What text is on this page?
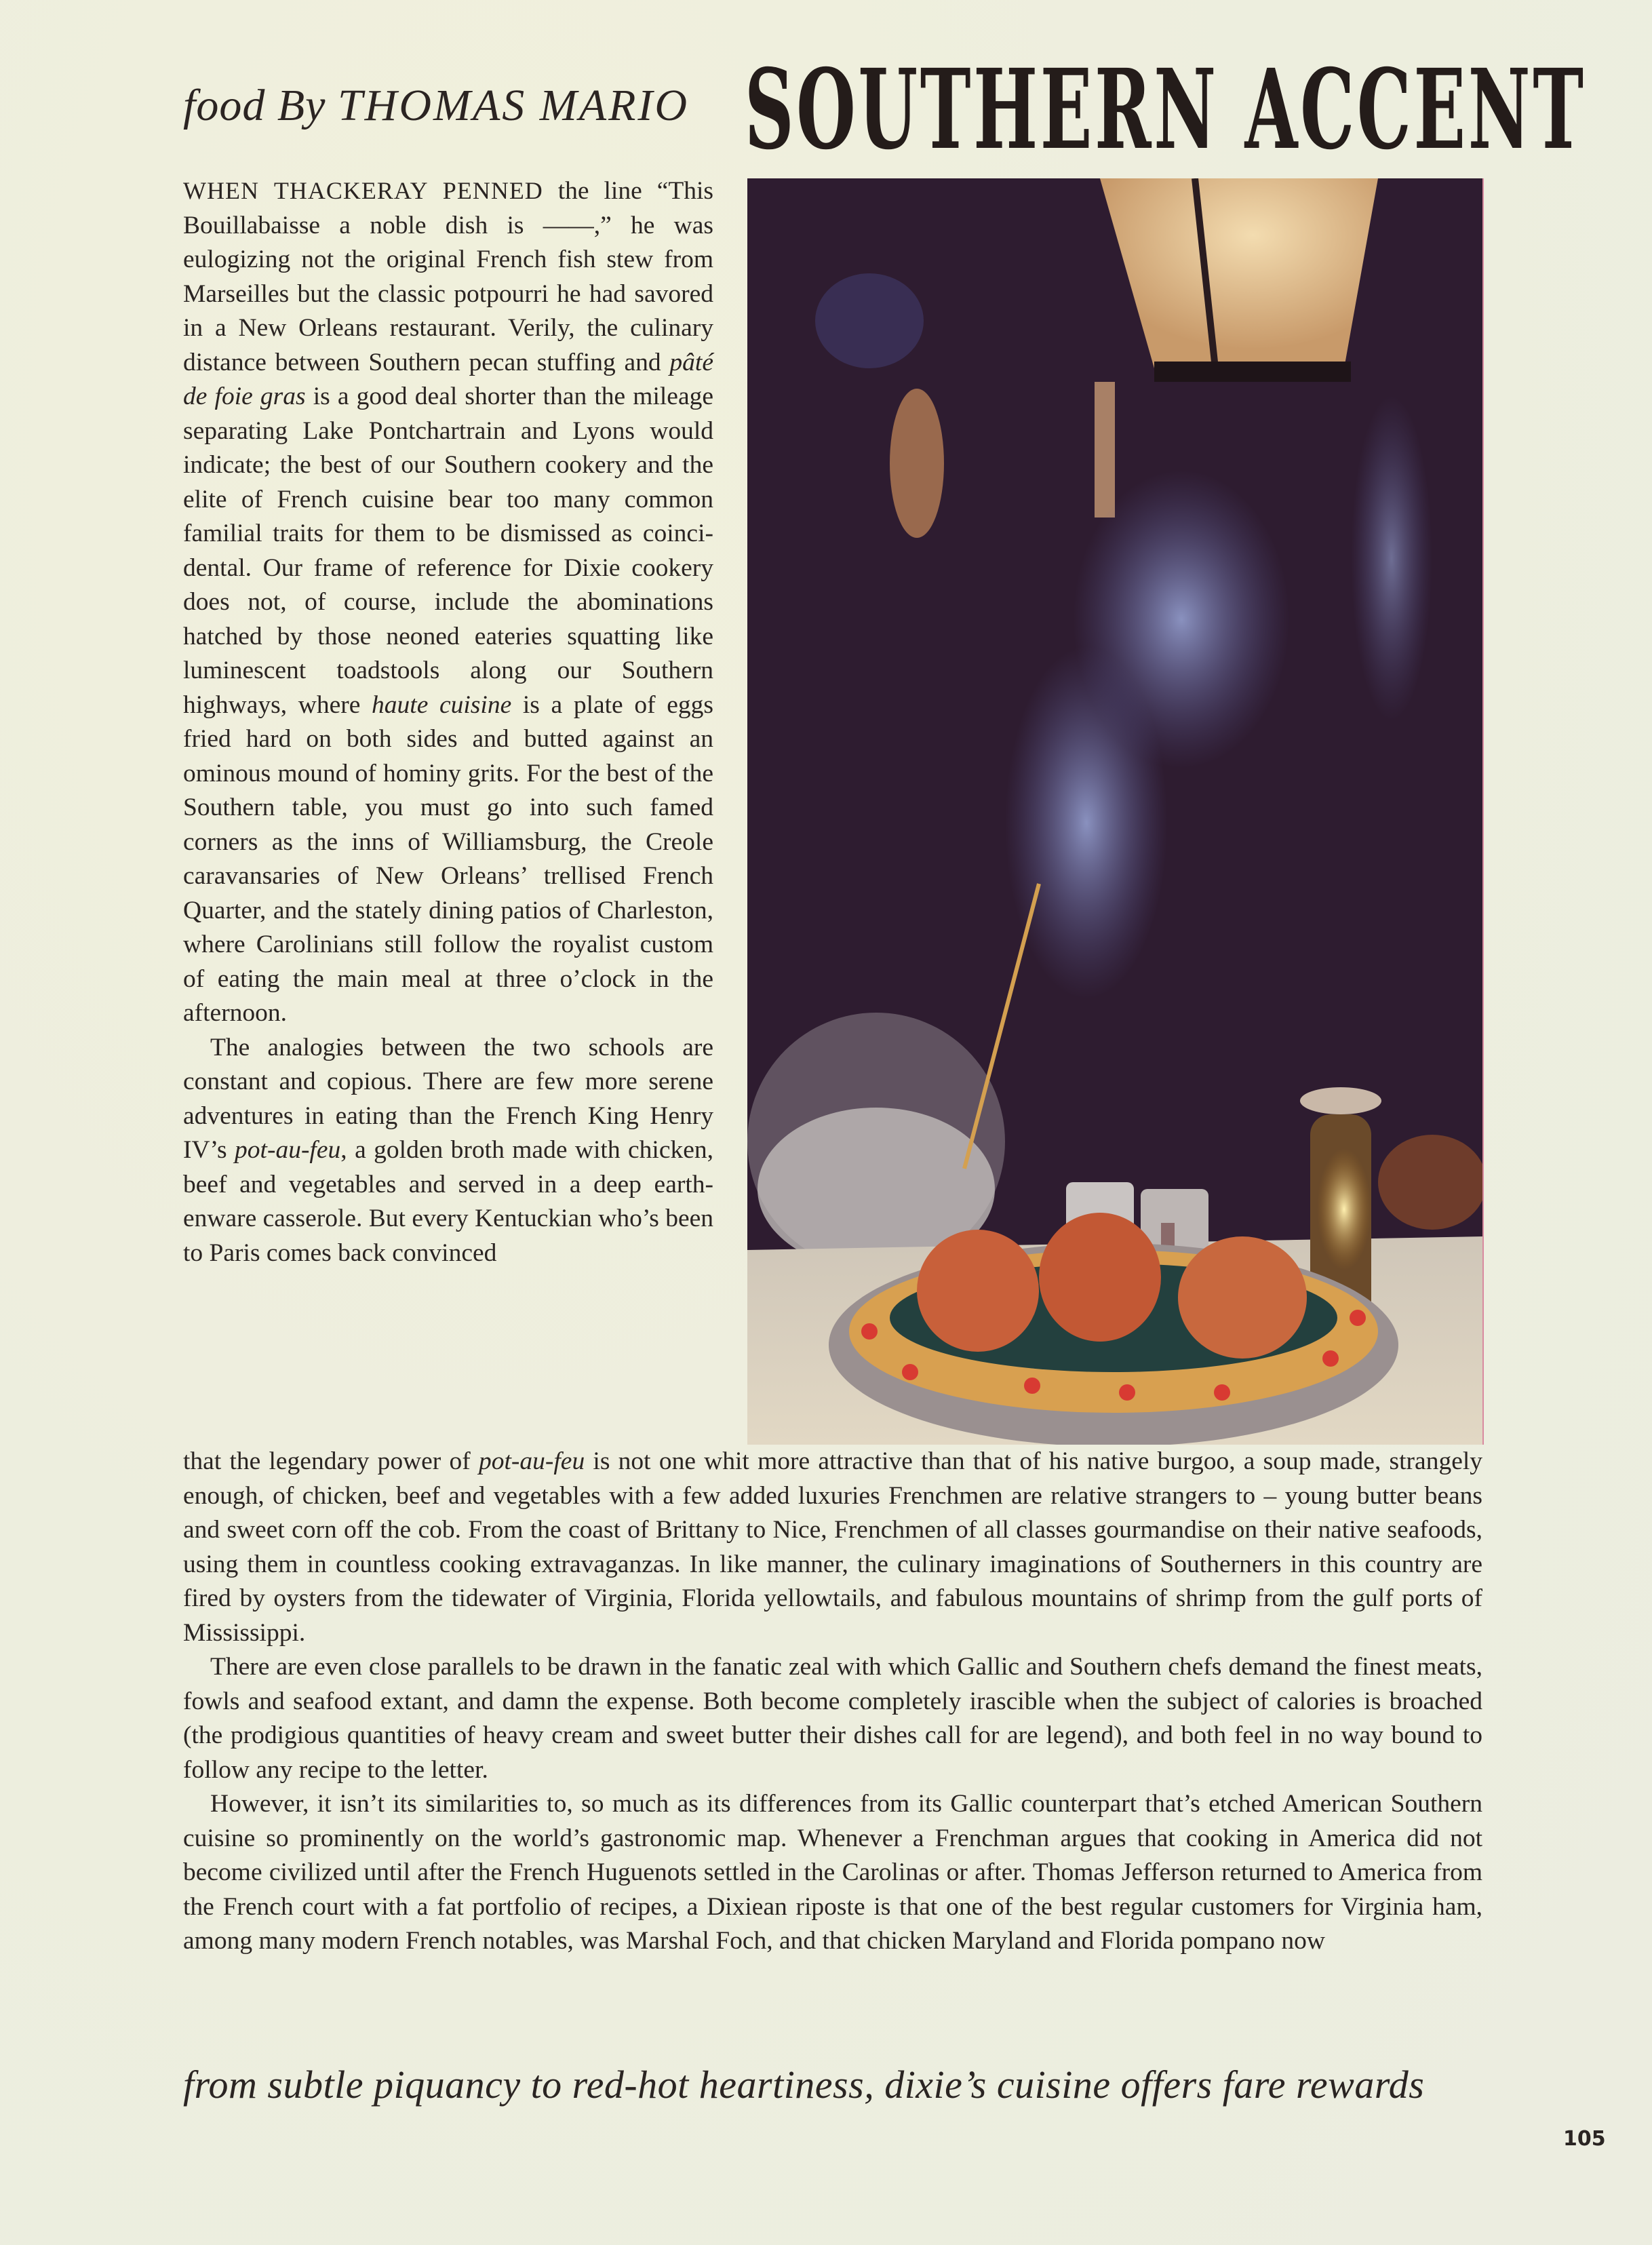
food By THOMAS MARIO SOUTHERN ACCENT

WHEN THACKERAY PENNED the line “This Bouillabaisse a noble dish is ——,” he was eulogizing not the original French fish stew from Marseilles but the classic potpourri he had savored in a New Orleans restaurant. Verily, the culinary distance between Southern pecan stuffing and pâté de foie gras is a good deal shorter than the mileage separating Lake Pontchartrain and Lyons would indicate; the best of our Southern cookery and the elite of French cuisine bear too many common familial traits for them to be dismissed as coincidental. Our frame of reference for Dixie cookery does not, of course, include the abominations hatched by those neoned eateries squatting like luminescent toadstools along our Southern highways, where haute cuisine is a plate of eggs fried hard on both sides and butted against an ominous mound of hominy grits. For the best of the Southern table, you must go into such famed corners as the inns of Williamsburg, the Creole caravansaries of New Orleans’ trellised French Quarter, and the stately dining patios of Charleston, where Carolinians still follow the royalist custom of eating the main meal at three o’clock in the afternoon.

The analogies between the two schools are constant and copious. There are few more serene adventures in eating than the French King Henry IV’s pot-au-feu, a golden broth made with chicken, beef and vegetables and served in a deep earthenware casserole. But every Kentuckian who’s been to Paris comes back convinced

that the legendary power of pot-au-feu is not one whit more attractive than that of his native burgoo, a soup made, strangely enough, of chicken, beef and vegetables with a few added luxuries Frenchmen are relative strangers to – young butter beans and sweet corn off the cob. From the coast of Brittany to Nice, Frenchmen of all classes gourmandise on their native seafoods, using them in countless cooking extravaganzas. In like manner, the culinary imaginations of Southerners in this country are fired by oysters from the tidewater of Virginia, Florida yellowtails, and fabulous mountains of shrimp from the gulf ports of Mississippi.

There are even close parallels to be drawn in the fanatic zeal with which Gallic and Southern chefs demand the finest meats, fowls and seafood extant, and damn the expense. Both become completely irascible when the subject of calories is broached (the prodigious quantities of heavy cream and sweet butter their dishes call for are legend), and both feel in no way bound to follow any recipe to the letter.

However, it isn’t its similarities to, so much as its differences from its Gallic counterpart that’s etched American Southern cuisine so prominently on the world’s gastronomic map. Whenever a Frenchman argues that cooking in America did not become civilized until after the French Huguenots settled in the Carolinas or after. Thomas Jefferson returned to America from the French court with a fat portfolio of recipes, a Dixiean riposte is that one of the best regular customers for Virginia ham, among many modern French notables, was Marshal Foch, and that chicken Maryland and Florida pompano now

from subtle piquancy to red-hot heartiness, dixie’s cuisine offers fare rewards
105
